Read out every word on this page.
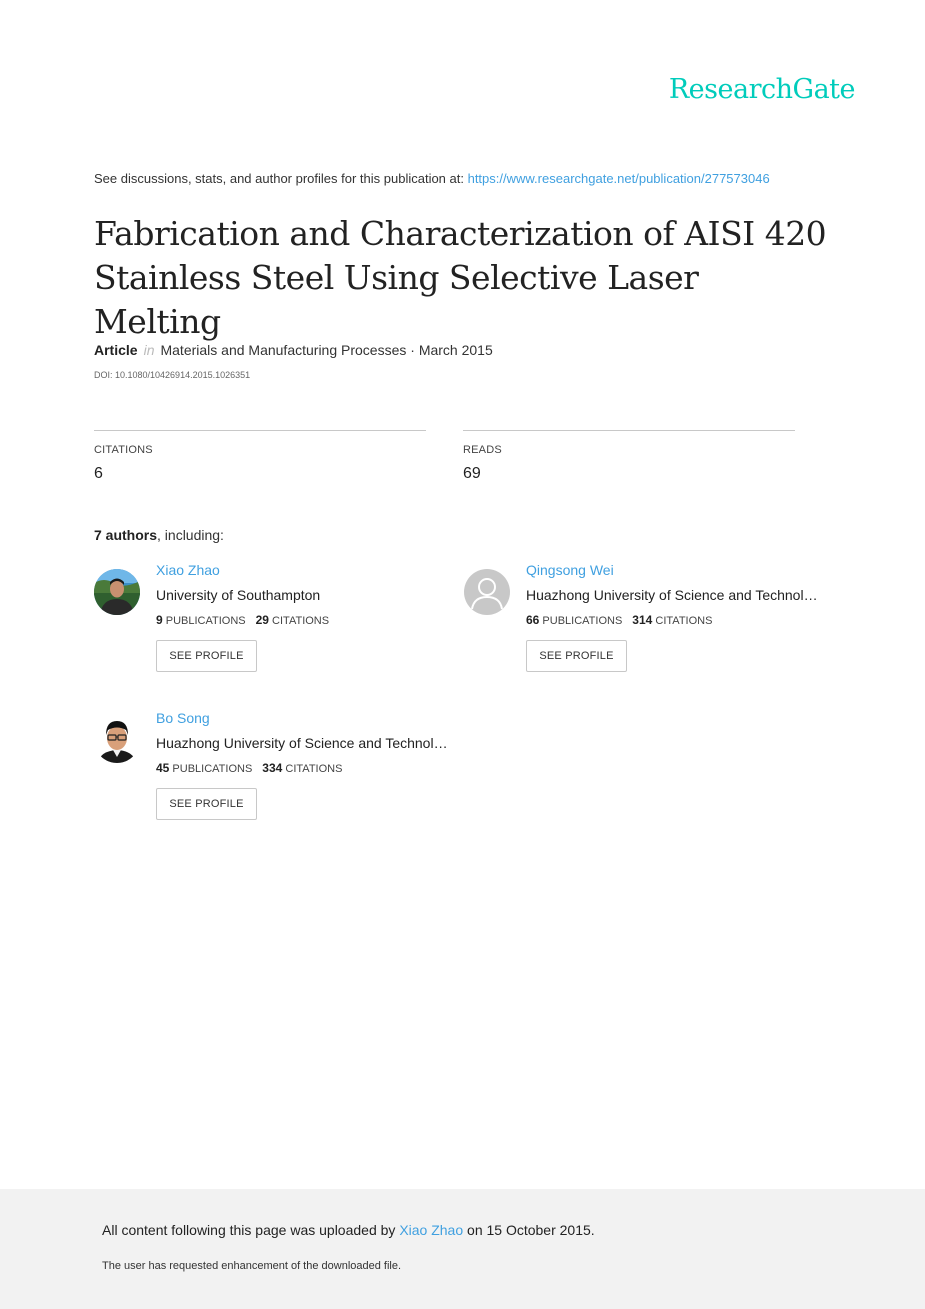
ResearchGate
See discussions, stats, and author profiles for this publication at: https://www.researchgate.net/publication/277573046
Fabrication and Characterization of AISI 420 Stainless Steel Using Selective Laser Melting
Article in Materials and Manufacturing Processes · March 2015
DOI: 10.1080/10426914.2015.1026351
CITATIONS
6
READS
69
7 authors, including:
Xiao Zhao
University of Southampton
9 PUBLICATIONS 29 CITATIONS
SEE PROFILE
Qingsong Wei
Huazhong University of Science and Technol…
66 PUBLICATIONS 314 CITATIONS
SEE PROFILE
Bo Song
Huazhong University of Science and Technol…
45 PUBLICATIONS 334 CITATIONS
SEE PROFILE
All content following this page was uploaded by Xiao Zhao on 15 October 2015.
The user has requested enhancement of the downloaded file.
